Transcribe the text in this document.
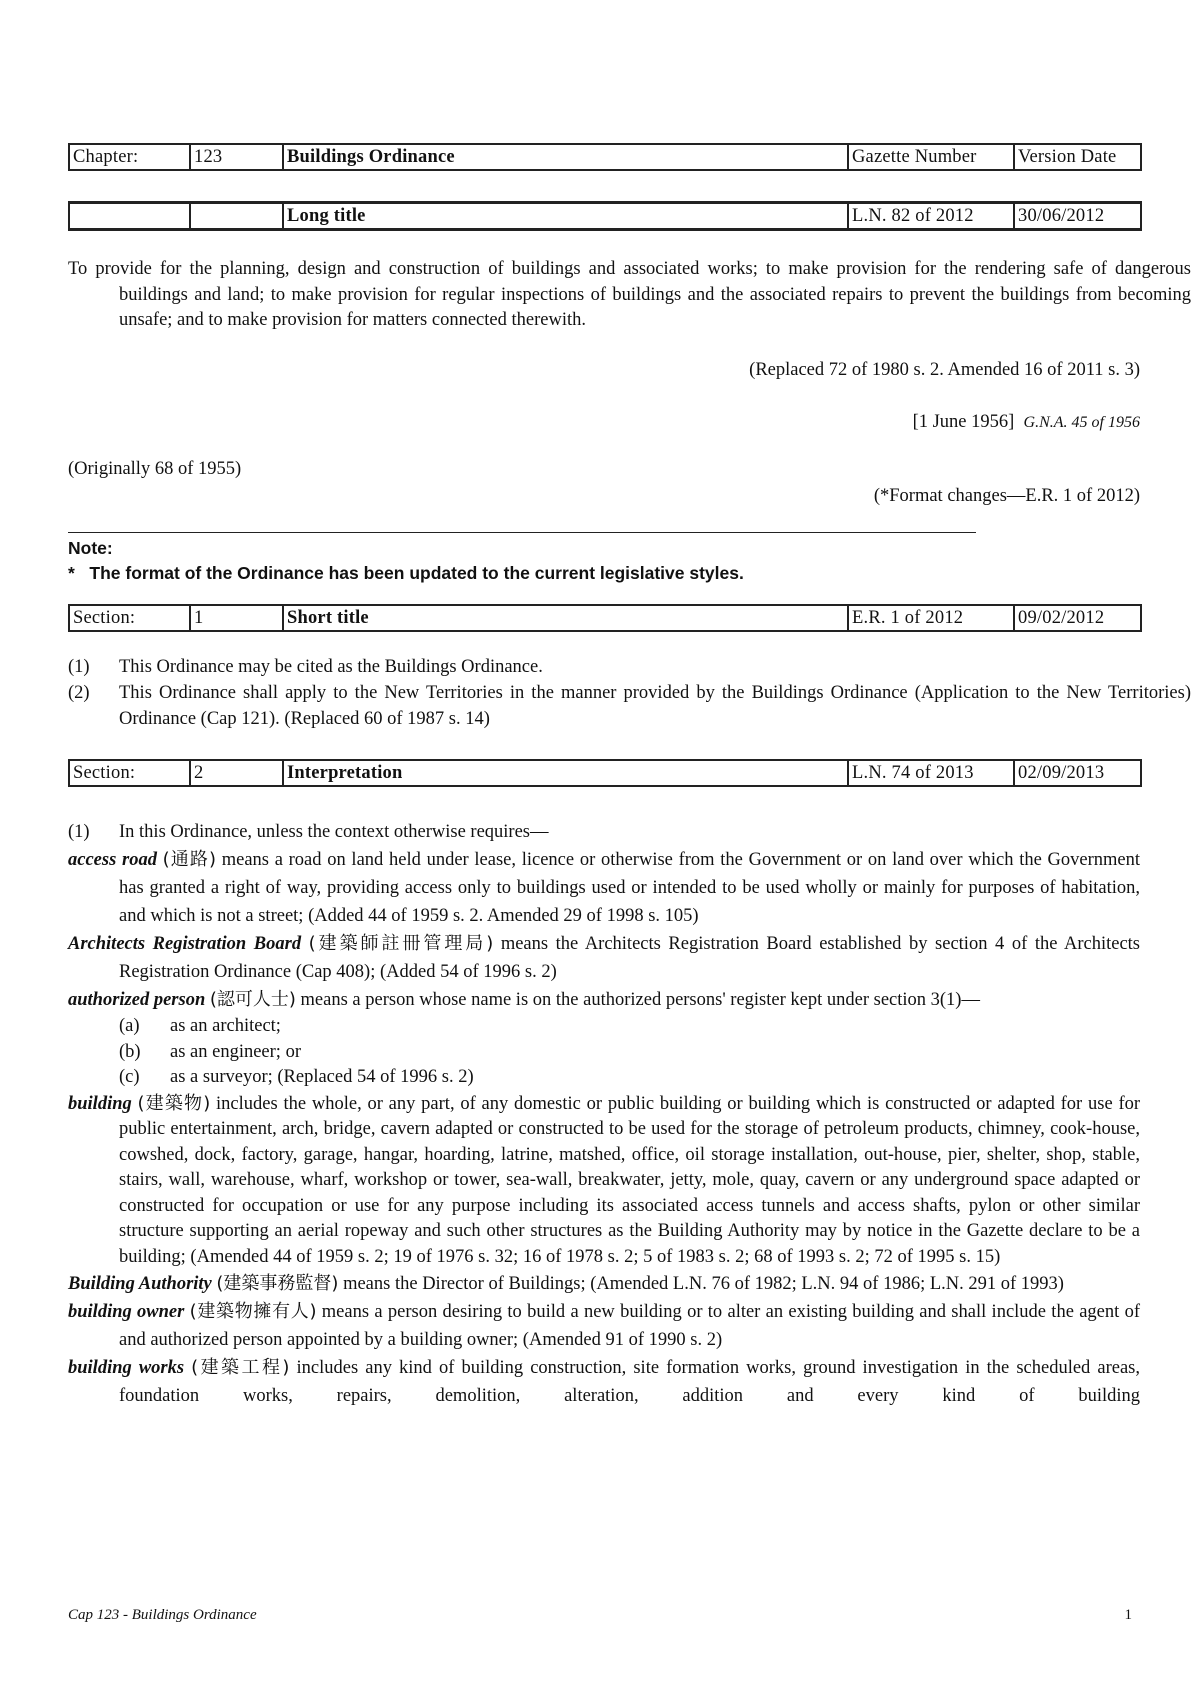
Chapter:	123	Buildings Ordinance	Gazette Number	Version Date
		Long title	L.N. 82 of 2012	30/06/2012
To provide for the planning, design and construction of buildings and associated works; to make provision for the rendering safe of dangerous buildings and land; to make provision for regular inspections of buildings and the associated repairs to prevent the buildings from becoming unsafe; and to make provision for matters connected therewith.
(Replaced 72 of 1980 s. 2. Amended 16 of 2011 s. 3)
[1 June 1956] G.N.A. 45 of 1956
(Originally 68 of 1955)
(*Format changes—E.R. 1 of 2012)
Note:
* The format of the Ordinance has been updated to the current legislative styles.
Section:	1	Short title	E.R. 1 of 2012	09/02/2012
(1) This Ordinance may be cited as the Buildings Ordinance.
(2) This Ordinance shall apply to the New Territories in the manner provided by the Buildings Ordinance (Application to the New Territories) Ordinance (Cap 121). (Replaced 60 of 1987 s. 14)
Section:	2	Interpretation	L.N. 74 of 2013	02/09/2013
(1) In this Ordinance, unless the context otherwise requires—
access road (通路) means a road on land held under lease, licence or otherwise from the Government or on land over which the Government has granted a right of way, providing access only to buildings used or intended to be used wholly or mainly for purposes of habitation, and which is not a street; (Added 44 of 1959 s. 2. Amended 29 of 1998 s. 105)
Architects Registration Board (建築師註冊管理局) means the Architects Registration Board established by section 4 of the Architects Registration Ordinance (Cap 408); (Added 54 of 1996 s. 2)
authorized person (認可人士) means a person whose name is on the authorized persons' register kept under section 3(1)—
(a) as an architect;
(b) as an engineer; or
(c) as a surveyor; (Replaced 54 of 1996 s. 2)
building (建築物) includes the whole, or any part, of any domestic or public building or building which is constructed or adapted for use for public entertainment, arch, bridge, cavern adapted or constructed to be used for the storage of petroleum products, chimney, cook-house, cowshed, dock, factory, garage, hangar, hoarding, latrine, matshed, office, oil storage installation, out-house, pier, shelter, shop, stable, stairs, wall, warehouse, wharf, workshop or tower, sea-wall, breakwater, jetty, mole, quay, cavern or any underground space adapted or constructed for occupation or use for any purpose including its associated access tunnels and access shafts, pylon or other similar structure supporting an aerial ropeway and such other structures as the Building Authority may by notice in the Gazette declare to be a building; (Amended 44 of 1959 s. 2; 19 of 1976 s. 32; 16 of 1978 s. 2; 5 of 1983 s. 2; 68 of 1993 s. 2; 72 of 1995 s. 15)
Building Authority (建築事務監督) means the Director of Buildings; (Amended L.N. 76 of 1982; L.N. 94 of 1986; L.N. 291 of 1993)
building owner (建築物擁有人) means a person desiring to build a new building or to alter an existing building and shall include the agent of and authorized person appointed by a building owner; (Amended 91 of 1990 s. 2)
building works (建築工程) includes any kind of building construction, site formation works, ground investigation in the scheduled areas, foundation works, repairs, demolition, alteration, addition and every kind of building
Cap 123 - Buildings Ordinance	1
